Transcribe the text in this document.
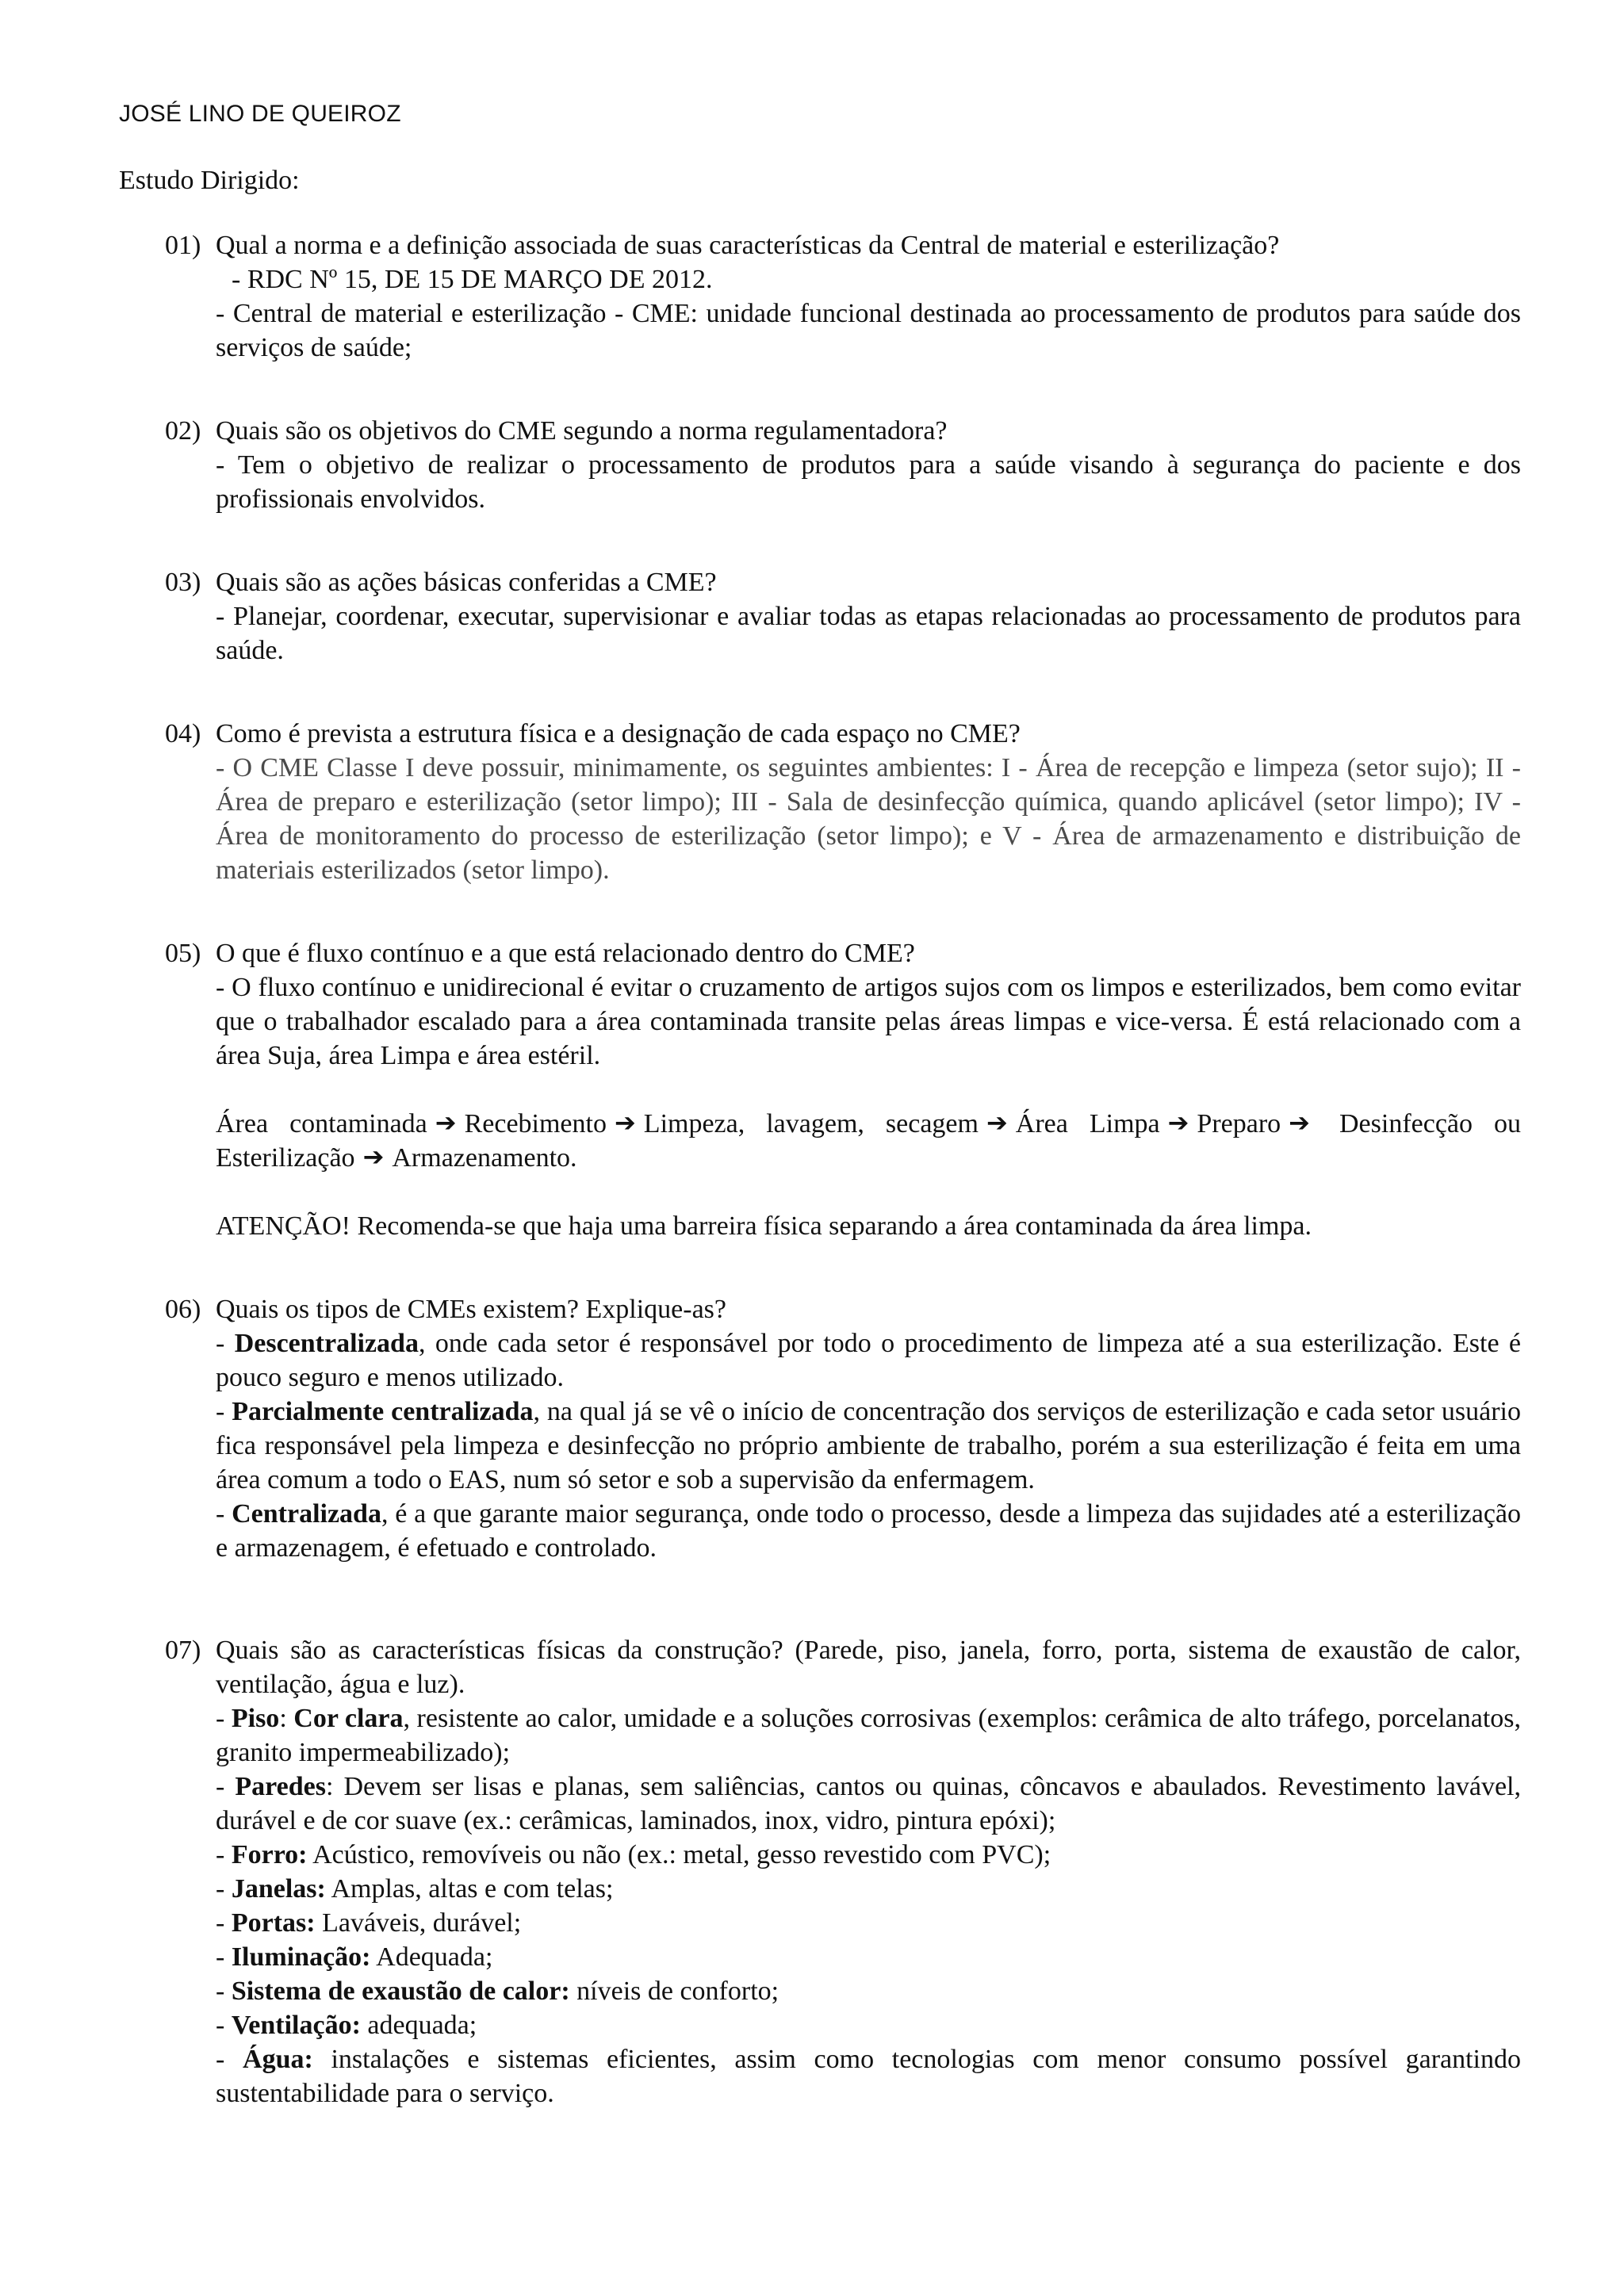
JOSÉ LINO DE QUEIROZ
Estudo Dirigido:
01) Qual a norma e a definição associada de suas características da Central de material e esterilização?

- RDC Nº 15, DE 15 DE MARÇO DE 2012.

- Central de material e esterilização - CME: unidade funcional destinada ao processamento de produtos para saúde dos serviços de saúde;

02) Quais são os objetivos do CME segundo a norma regulamentadora?

- Tem o objetivo de realizar o processamento de produtos para a saúde visando à segurança do paciente e dos profissionais envolvidos.

03) Quais são as ações básicas conferidas a CME?

- Planejar, coordenar, executar, supervisionar e avaliar todas as etapas relacionadas ao processamento de produtos para saúde.

04) Como é prevista a estrutura física e a designação de cada espaço no CME?

- O CME Classe I deve possuir, minimamente, os seguintes ambientes: I - Área de recepção e limpeza (setor sujo); II - Área de preparo e esterilização (setor limpo); III - Sala de desinfecção química, quando aplicável (setor limpo); IV - Área de monitoramento do processo de esterilização (setor limpo); e V - Área de armazenamento e distribuição de materiais esterilizados (setor limpo).

05) O que é fluxo contínuo e a que está relacionado dentro do CME?

- O fluxo contínuo e unidirecional é evitar o cruzamento de artigos sujos com os limpos e esterilizados, bem como evitar que o trabalhador escalado para a área contaminada transite pelas áreas limpas e vice-versa. É está relacionado com a área Suja, área Limpa e área estéril.

Área contaminada ➔ Recebimento ➔ Limpeza, lavagem, secagem ➔ Área Limpa ➔ Preparo ➔ Desinfecção ou Esterilização ➔ Armazenamento.

ATENÇÃO! Recomenda-se que haja uma barreira física separando a área contaminada da área limpa.

06) Quais os tipos de CMEs existem? Explique-as?

- Descentralizada, onde cada setor é responsável por todo o procedimento de limpeza até a sua esterilização. Este é pouco seguro e menos utilizado.

- Parcialmente centralizada, na qual já se vê o início de concentração dos serviços de esterilização e cada setor usuário fica responsável pela limpeza e desinfecção no próprio ambiente de trabalho, porém a sua esterilização é feita em uma área comum a todo o EAS, num só setor e sob a supervisão da enfermagem.

- Centralizada, é a que garante maior segurança, onde todo o processo, desde a limpeza das sujidades até a esterilização e armazenagem, é efetuado e controlado.

07) Quais são as características físicas da construção? (Parede, piso, janela, forro, porta, sistema de exaustão de calor, ventilação, água e luz).

- Piso: Cor clara, resistente ao calor, umidade e a soluções corrosivas (exemplos: cerâmica de alto tráfego, porcelanatos, granito impermeabilizado);

- Paredes: Devem ser lisas e planas, sem saliências, cantos ou quinas, côncavos e abaulados. Revestimento lavável, durável e de cor suave (ex.: cerâmicas, laminados, inox, vidro, pintura epóxi);

- Forro: Acústico, removíveis ou não (ex.: metal, gesso revestido com PVC);

- Janelas: Amplas, altas e com telas;

- Portas: Laváveis, durável;

- Iluminação: Adequada;

- Sistema de exaustão de calor: níveis de conforto;

- Ventilação: adequada;

- Água: instalações e sistemas eficientes, assim como tecnologias com menor consumo possível garantindo sustentabilidade para o serviço.
